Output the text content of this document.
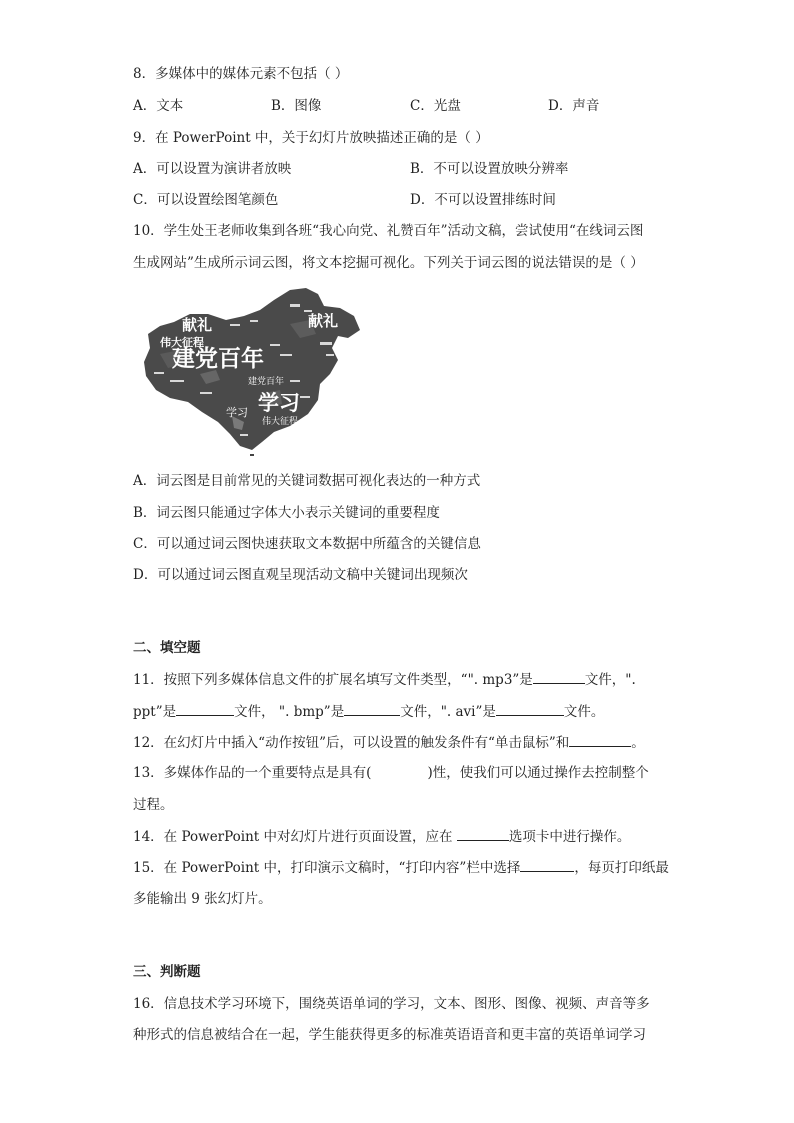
8．多媒体中的媒体元素不包括（ ）
A．文本	B．图像	C．光盘	D．声音
9．在 PowerPoint 中，关于幻灯片放映描述正确的是（ ）
A．可以设置为演讲者放映	B．不可以设置放映分辨率
C．可以设置绘图笔颜色	D．不可以设置排练时间
10．学生处王老师收集到各班“我心向党、礼赞百年”活动文稿，尝试使用“在线词云图
生成网站”生成所示词云图，将文本挖掘可视化。下列关于词云图的说法错误的是（ ）
建党百年
学习
献礼	献礼
伟大征程
建党百年
学习
伟大征程
A．词云图是目前常见的关键词数据可视化表达的一种方式
B．词云图只能通过字体大小表示关键词的重要程度
C．可以通过词云图快速获取文本数据中所蕴含的关键信息
D．可以通过词云图直观呈现活动文稿中关键词出现频次
二、填空题
11．按照下列多媒体信息文件的扩展名填写文件类型，“". mp3”是	文件，".
ppt”是	文件， ". bmp”是	文件，". avi”是	文件。
12．在幻灯片中插入“动作按钮”后，可以设置的触发条件有“单击鼠标”和	。
13．多媒体作品的一个重要特点是具有(	)性，使我们可以通过操作去控制整个
过程。
14．在 PowerPoint 中对幻灯片进行页面设置，应在	选项卡中进行操作。
15．在 PowerPoint 中，打印演示文稿时，“打印内容”栏中选择	，每页打印纸最
多能输出 9 张幻灯片。
三、判断题
16．信息技术学习环境下，围绕英语单词的学习，文本、图形、图像、视频、声音等多
种形式的信息被结合在一起，学生能获得更多的标准英语语音和更丰富的英语单词学习
